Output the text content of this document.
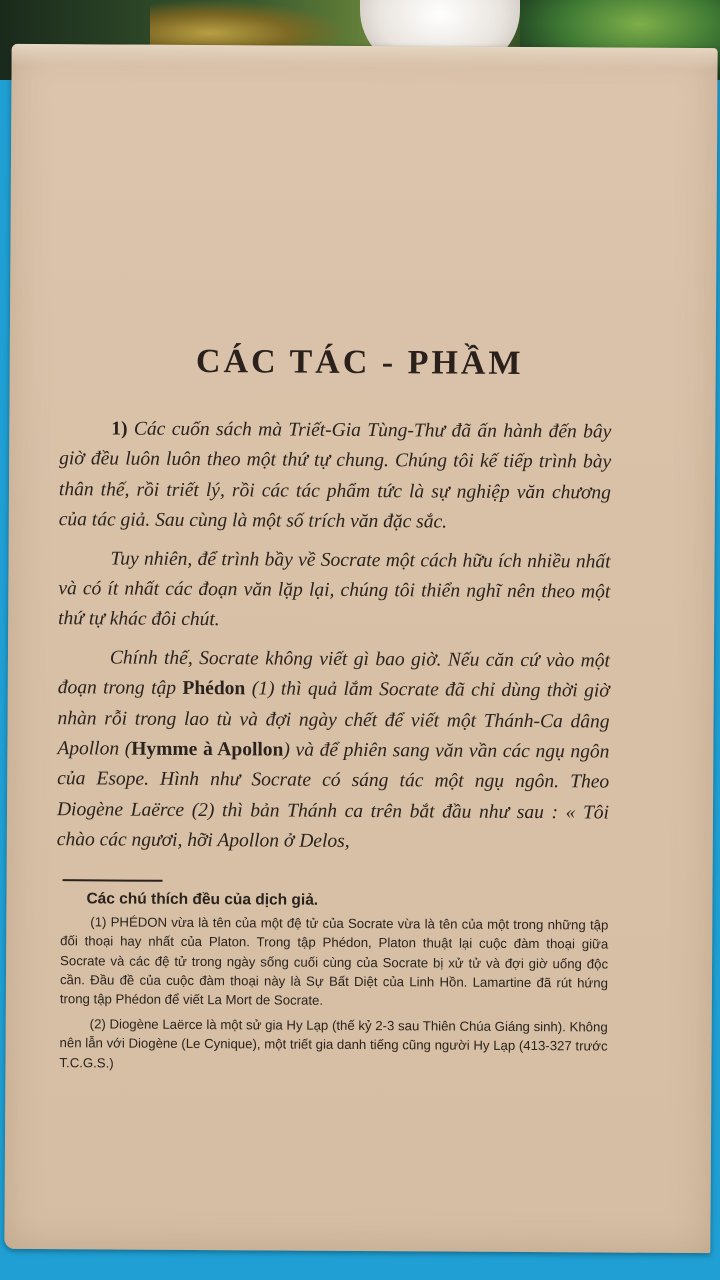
CÁC TÁC - PHẦM

1) Các cuốn sách mà Triết-Gia Tùng-Thư đã ấn hành đến bây giờ đều luôn luôn theo một thứ tự chung. Chúng tôi kế tiếp trình bày thân thế, rồi triết lý, rồi các tác phẩm tức là sự nghiệp văn chương của tác giả. Sau cùng là một số trích văn đặc sắc.

Tuy nhiên, để trình bầy về Socrate một cách hữu ích nhiều nhất và có ít nhất các đoạn văn lặp lại, chúng tôi thiển nghĩ nên theo một thứ tự khác đôi chút.

Chính thế, Socrate không viết gì bao giờ. Nếu căn cứ vào một đoạn trong tập Phédon (1) thì quả lắm Socrate đã chỉ dùng thời giờ nhàn rỗi trong lao tù và đợi ngày chết để viết một Thánh-Ca dâng Apollon (Hymme à Apollon) và để phiên sang văn vần các ngụ ngôn của Esope. Hình như Socrate có sáng tác một ngụ ngôn. Theo Diogène Laërce (2) thì bản Thánh ca trên bắt đầu như sau : « Tôi chào các ngươi, hỡi Apollon ở Delos,

Các chú thích đều của dịch giả.

(1) PHÉDON vừa là tên của một đệ tử của Socrate vừa là tên của một trong những tập đối thoại hay nhất của Platon. Trong tập Phédon, Platon thuật lại cuộc đàm thoại giữa Socrate và các đệ tử trong ngày sống cuối cùng của Socrate bị xử tử và đợi giờ uống độc cần. Đầu đề của cuộc đàm thoại này là Sự Bất Diệt của Linh Hồn. Lamartine đã rút hứng trong tập Phédon để viết La Mort de Socrate.

(2) Diogène Laërce là một sử gia Hy Lạp (thế kỷ 2-3 sau Thiên Chúa Giáng sinh). Không nên lẫn với Diogène (Le Cynique), một triết gia danh tiếng cũng người Hy Lạp (413-327 trước T.C.G.S.)
